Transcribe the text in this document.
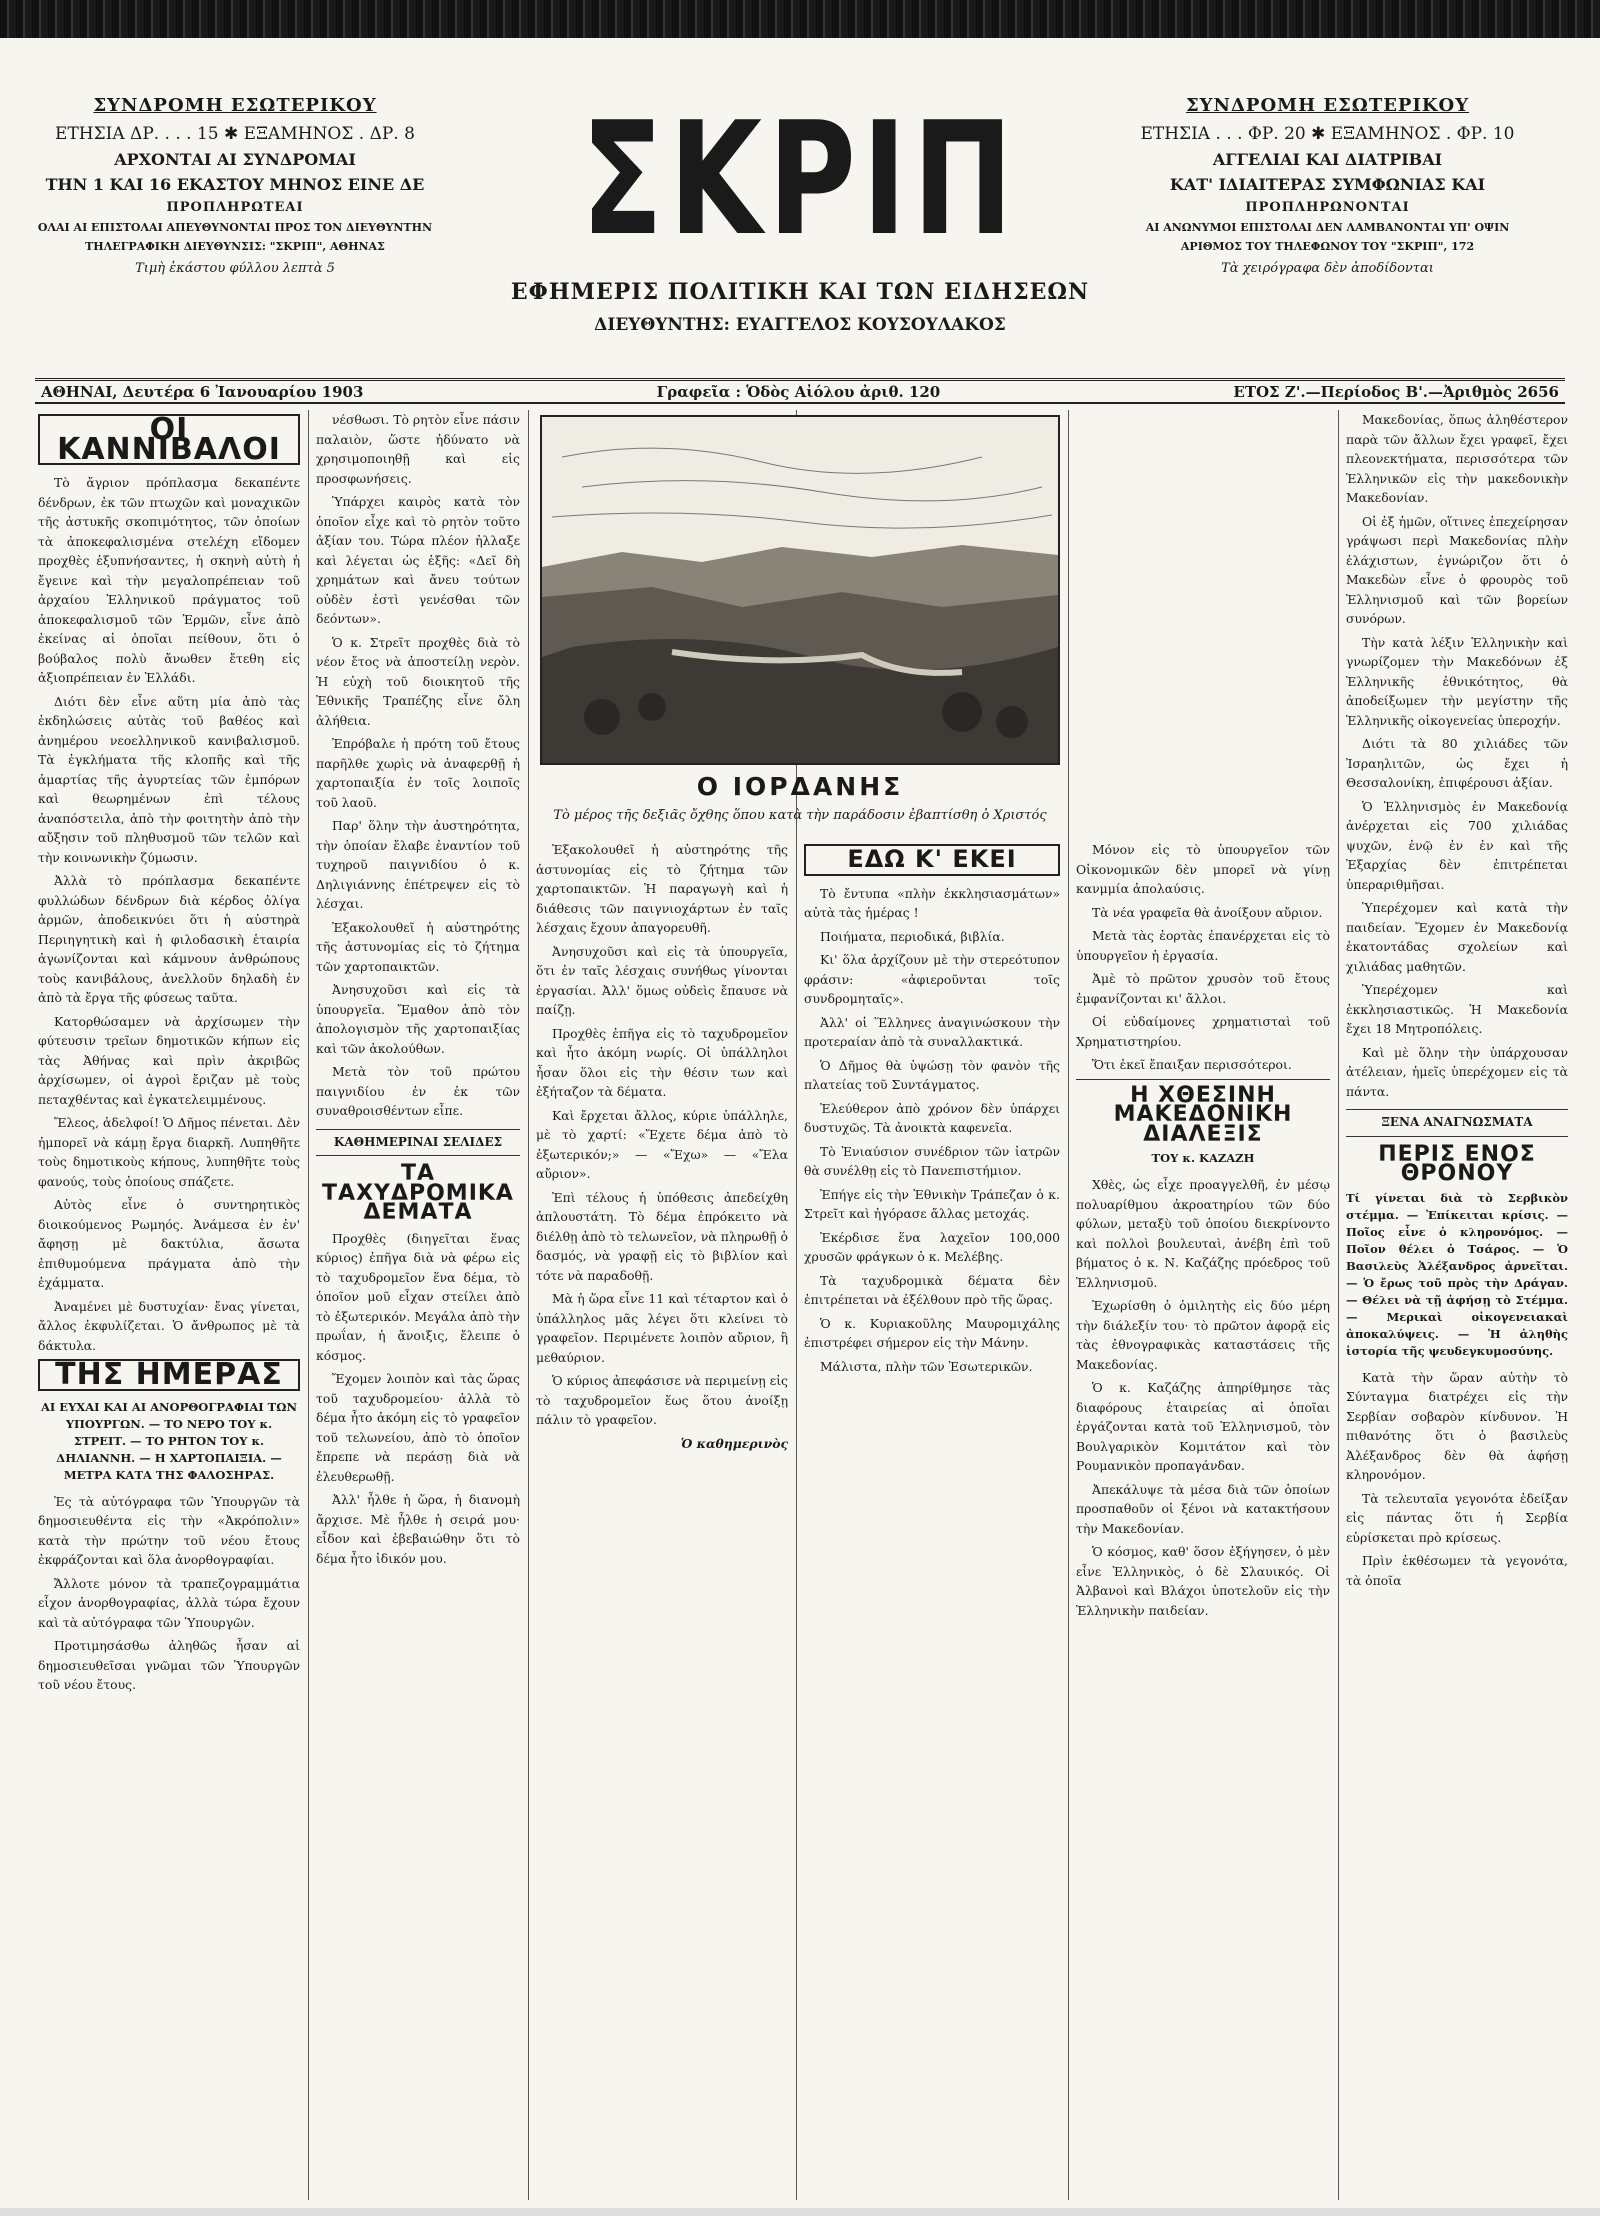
ΣΥΝΔΡΟΜΗ ΕΣΩΤΕΡΙΚΟΥ
ΕΤΗΣΙΑ ΔΡ. . . . 15 ✱ ΕΞΑΜΗΝΟΣ . ΔΡ. 8
ΑΡΧΟΝΤΑΙ ΑΙ ΣΥΝΔΡΟΜΑΙ
ΤΗΝ 1 ΚΑΙ 16 ΕΚΑΣΤΟΥ ΜΗΝΟΣ ΕΙΝΕ ΔΕ
ΠΡΟΠΛΗΡΩΤΕΑΙ
ΟΛΑΙ ΑΙ ΕΠΙΣΤΟΛΑΙ ΑΠΕΥΘΥΝΟΝΤΑΙ ΠΡΟΣ ΤΟΝ ΔΙΕΥΘΥΝΤΗΝ
ΤΗΛΕΓΡΑΦΙΚΗ ΔΙΕΥΘΥΝΣΙΣ: "ΣΚΡΙΠ", ΑΘΗΝΑΣ
Τιμὴ ἑκάστου φύλλου λεπτὰ 5	ΣΚΡΙΠ
ΕΦΗΜΕΡΙΣ ΠΟΛΙΤΙΚΗ ΚΑΙ ΤΩΝ ΕΙΔΗΣΕΩΝ
ΔΙΕΥΘΥΝΤΗΣ: ΕΥΑΓΓΕΛΟΣ ΚΟΥΣΟΥΛΑΚΟΣ
ΣΥΝΔΡΟΜΗ ΕΣΩΤΕΡΙΚΟΥ
ΕΤΗΣΙΑ . . . ΦΡ. 20 ✱ ΕΞΑΜΗΝΟΣ . ΦΡ. 10
ΑΓΓΕΛΙΑΙ ΚΑΙ ΔΙΑΤΡΙΒΑΙ
ΚΑΤ' ΙΔΙΑΙΤΕΡΑΣ ΣΥΜΦΩΝΙΑΣ ΚΑΙ
ΠΡΟΠΛΗΡΩΝΟΝΤΑΙ
ΑΙ ΑΝΩΝΥΜΟΙ ΕΠΙΣΤΟΛΑΙ ΔΕΝ ΛΑΜΒΑΝΟΝΤΑΙ ΥΠ' ΟΨΙΝ
ΑΡΙΘΜΟΣ ΤΟΥ ΤΗΛΕΦΩΝΟΥ ΤΟΥ "ΣΚΡΙΠ", 172
Τὰ χειρόγραφα δὲν ἀποδίδονται
ΑΘΗΝΑΙ, Δευτέρα 6 Ἰανουαρίου 1903	Γραφεῖα : Ὁδὸς Αἰόλου ἀριθ. 120	ΕΤΟΣ Ζ'.—Περίοδος Β'.—Ἀριθμὸς 2656
ΟΙ ΚΑΝΝΙΒΑΛΟΙ

Τὸ ἄγριον πρόπλασμα δεκαπέντε δένδρων, ἐκ τῶν πτωχῶν καὶ μοναχικῶν τῆς ἀστυκῆς σκοπιμότητος, τῶν ὁποίων τὰ ἀποκεφαλισμένα στελέχη εἴδομεν προχθὲς ἐξυπνήσαντες, ἡ σκηνὴ αὐτὴ ἡ ἔγεινε καὶ τὴν μεγαλοπρέπειαν τοῦ ἀρχαίου Ἑλληνικοῦ πράγματος τοῦ ἀποκεφαλισμοῦ τῶν Ἑρμῶν, εἶνε ἀπὸ ἐκείνας αἱ ὁποῖαι πείθουν, ὅτι ὁ βούβαλος πολὺ ἄνωθεν ἔτεθη εἰς ἀξιοπρέπειαν ἐν Ἑλλάδι.

Διότι δὲν εἶνε αὕτη μία ἀπὸ τὰς ἐκδηλώσεις αὐτὰς τοῦ βαθέος καὶ ἀνημέρου νεοελληνικοῦ κανιβαλισμοῦ. Τὰ ἐγκλήματα τῆς κλοπῆς καὶ τῆς ἀμαρτίας τῆς ἀγυρτείας τῶν ἐμπόρων καὶ θεωρημένων ἐπὶ τέλους ἀναπόστειλα, ἀπὸ τὴν φοιτητὴν ἀπὸ τὴν αὔξησιν τοῦ πληθυσμοῦ τῶν τελῶν καὶ τὴν κοινωνικὴν ζύμωσιν.

Ἀλλὰ τὸ πρόπλασμα δεκαπέντε φυλλώδων δένδρων διὰ κέρδος ὀλίγα ἀρμῶν, ἀποδεικνύει ὅτι ἡ αὐστηρὰ Περιηγητικὴ καὶ ἡ φιλοδασικὴ ἑταιρία ἀγωνίζονται καὶ κάμνουν ἀνθρώπους τοὺς κανιβάλους, ἀνελλοῦν δηλαδὴ ἐν ἀπὸ τὰ ἔργα τῆς φύσεως ταῦτα.

Κατορθώσαμεν νὰ ἀρχίσωμεν τὴν φύτευσιν τρεῖων δημοτικῶν κήπων εἰς τὰς Ἀθήνας καὶ πρὶν ἀκριβῶς ἀρχίσωμεν, οἱ ἀγροὶ ἔριζαν μὲ τοὺς πεταχθέντας καὶ ἐγκατελειμμένους.

Ἔλεος, ἀδελφοί! Ὁ Δῆμος πένεται. Δὲν ἠμπορεῖ νὰ κάμῃ ἔργα διαρκῆ. Λυπηθῆτε τοὺς δημοτικοὺς κήπους, λυπηθῆτε τοὺς φανούς, τοὺς ὁποίους σπάζετε.

Αὐτὸς εἶνε ὁ συντηρητικὸς διοικούμενος Ρωμηός. Ἀνάμεσα ἐν ἐν' ἄφησῃ μὲ δακτύλια, ἄσωτα ἐπιθυμούμενα πράγματα ἀπὸ τὴν ἐχάμματα.

Ἀναμένει μὲ δυστυχίαν· ἔνας γίνεται, ἄλλος ἐκφυλίζεται. Ὁ ἄνθρωπος μὲ τὰ δάκτυλα.

ΤΗΣ ΗΜΕΡΑΣ
ΑΙ ΕΥΧΑΙ ΚΑΙ ΑΙ ΑΝΟΡΘΟΓΡΑΦΙΑΙ ΤΩΝ ΥΠΟΥΡΓΩΝ. — ΤΟ ΝΕΡΟ ΤΟΥ κ. ΣΤΡΕΙΤ. — ΤΟ ΡΗΤΟΝ ΤΟΥ κ. ΔΗΛΙΑΝΝΗ. — Η ΧΑΡΤΟΠΑΙΞΙΑ. — ΜΕΤΡΑ ΚΑΤΑ ΤΗΣ ΦΑΛΟΣΗΡΑΣ.

Ἐς τὰ αὐτόγραφα τῶν Ὑπουργῶν τὰ δημοσιευθέντα εἰς τὴν «Ἀκρόπολιν» κατὰ τὴν πρώτην τοῦ νέου ἔτους ἐκφράζονται καὶ ὅλα ἀνορθογραφίαι.

Ἄλλοτε μόνον τὰ τραπεζογραμμάτια εἶχον ἀνορθογραφίας, ἀλλὰ τώρα ἔχουν καὶ τὰ αὐτόγραφα τῶν Ὑπουργῶν.

Προτιμησάσθω ἀληθῶς ἦσαν αἱ δημοσιευθεῖσαι γνῶμαι τῶν Ὑπουργῶν τοῦ νέου ἔτους.

νέσθωσι. Τὸ ρητὸν εἶνε πάσιν παλαιὸν, ὥστε ἠδύνατο νὰ χρησιμοποιηθῇ καὶ εἰς προσφωνήσεις.

Ὑπάρχει καιρὸς κατὰ τὸν ὁποῖον εἶχε καὶ τὸ ρητὸν τοῦτο ἀξίαν του. Τώρα πλέον ἠλλαξε καὶ λέγεται ὡς ἑξῆς: «Δεῖ δὴ χρημάτων καὶ ἄνευ τούτων οὐδὲν ἐστὶ γενέσθαι τῶν δεόντων».

Ὁ κ. Στρεῖτ προχθὲς διὰ τὸ νέον ἔτος νὰ ἀποστείλῃ νερὸν. Ἡ εὐχὴ τοῦ διοικητοῦ τῆς Ἐθνικῆς Τραπέζης εἶνε ὄλη ἀλήθεια.

Ἐπρόβαλε ἡ πρότη τοῦ ἔτους παρῆλθε χωρὶς νὰ ἀναφερθῇ ἡ χαρτοπαιξία ἐν τοῖς λοιποῖς τοῦ λαοῦ.

Παρ' ὅλην τὴν ἀυστηρότητα, τὴν ὁποίαν ἔλαβε ἐναντίον τοῦ τυχηροῦ παιγνιδίου ὁ κ. Δηλιγιάννης ἐπέτρεψεν εἰς τὸ λέσχαι.

Ἐξακολουθεῖ ἡ αὐστηρότης τῆς ἀστυνομίας εἰς τὸ ζήτημα τῶν χαρτοπαικτῶν.

Ἀνησυχοῦσι καὶ εἰς τὰ ὑπουργεῖα. Ἔμαθον ἀπὸ τὸν ἀπολογισμὸν τῆς χαρτοπαιξίας καὶ τῶν ἀκολούθων.

Μετὰ τὸν τοῦ πρώτου παιγνιδίου ἐν ἐκ τῶν συναθροισθέντων εἶπε.

ΚΑΘΗΜΕΡΙΝΑΙ ΣΕΛΙΔΕΣ
ΤΑ ΤΑΧΥΔΡΟΜΙΚΑ ΔΕΜΑΤΑ

Προχθὲς (διηγεῖται ἕνας κύριος) ἐπῆγα διὰ νὰ φέρω εἰς τὸ ταχυδρομεῖον ἕνα δέμα, τὸ ὁποῖον μοῦ εἶχαν στείλει ἀπὸ τὸ ἐξωτερικόν. Μεγάλα ἀπὸ τὴν πρωΐαν, ἡ ἄνοιξις, ἔλειπε ὁ κόσμος.

Ἔχομεν λοιπὸν καὶ τὰς ὥρας τοῦ ταχυδρομείου· ἀλλὰ τὸ δέμα ἦτο ἀκόμη εἰς τὸ γραφεῖον τοῦ τελωνείου, ἀπὸ τὸ ὁποῖον ἔπρεπε νὰ περάσῃ διὰ νὰ ἐλευθερωθῇ.

Ἀλλ' ἦλθε ἡ ὥρα, ἡ διανομὴ ἄρχισε. Μὲ ἦλθε ἡ σειρά μου· εἶδον καὶ ἐβεβαιώθην ὅτι τὸ δέμα ἦτο ἰδικόν μου.

Ο ΙΟΡΔΑΝΗΣ
Τὸ μέρος τῆς δεξιᾶς ὄχθης ὅπου κατὰ τὴν παράδοσιν ἐβαπτίσθη ὁ Χριστός

Ἐξακολουθεῖ ἡ αὐστηρότης τῆς ἀστυνομίας εἰς τὸ ζήτημα τῶν χαρτοπαικτῶν. Ἡ παραγωγὴ καὶ ἡ διάθεσις τῶν παιγνιοχάρτων ἐν ταῖς λέσχαις ἔχουν ἀπαγορευθῆ.

Ἀνησυχοῦσι καὶ εἰς τὰ ὑπουργεῖα, ὅτι ἐν ταῖς λέσχαις συνήθως γίνονται ἐργασίαι. Ἀλλ' ὅμως οὐδεὶς ἔπαυσε νὰ παίζῃ.

Προχθὲς ἐπῆγα εἰς τὸ ταχυδρομεῖον καὶ ἦτο ἀκόμη νωρίς. Οἱ ὑπάλληλοι ἦσαν ὅλοι εἰς τὴν θέσιν των καὶ ἐξήταζον τὰ δέματα.

Καὶ ἔρχεται ἄλλος, κύριε ὑπάλληλε, μὲ τὸ χαρτί: «Ἔχετε δέμα ἀπὸ τὸ ἐξωτερικόν;» — «Ἔχω» — «Ἔλα αὔριον».

Ἐπὶ τέλους ἡ ὑπόθεσις ἀπεδείχθη ἁπλουστάτη. Τὸ δέμα ἐπρόκειτο νὰ διέλθῃ ἀπὸ τὸ τελωνεῖον, νὰ πληρωθῇ ὁ δασμός, νὰ γραφῇ εἰς τὸ βιβλίον καὶ τότε νὰ παραδοθῇ.

Μὰ ἡ ὥρα εἶνε 11 καὶ τέταρτον καὶ ὁ ὑπάλληλος μᾶς λέγει ὅτι κλείνει τὸ γραφεῖον. Περιμένετε λοιπὸν αὔριον, ἢ μεθαύριον.

Ὁ κύριος ἀπεφάσισε νὰ περιμείνῃ εἰς τὸ ταχυδρομεῖον ἕως ὅτου ἀνοίξῃ πάλιν τὸ γραφεῖον.

Ὁ καθημερινὸς
ΕΔΩ Κ' ΕΚΕΙ

Τὸ ἔντυπα «πλὴν ἐκκλησιασμάτων» αὐτὰ τὰς ἡμέρας !

Ποιήματα, περιοδικά, βιβλία.

Κι' ὅλα ἀρχίζουν μὲ τὴν στερεότυπον φράσιν: «ἀφιεροῦνται τοῖς συνδρομηταῖς».

Ἀλλ' οἱ Ἕλληνες ἀναγινώσκουν τὴν προτεραίαν ἀπὸ τὰ συναλλακτικά.

Ὁ Δῆμος θὰ ὑψώσῃ τὸν φανὸν τῆς πλατείας τοῦ Συντάγματος.

Ἐλεύθερον ἀπὸ χρόνον δὲν ὑπάρχει δυστυχῶς. Τὰ ἀνοικτὰ καφενεῖα.

Τὸ Ἐνιαύσιον συνέδριον τῶν ἰατρῶν θὰ συνέλθῃ εἰς τὸ Πανεπιστήμιον.

Ἐπήγε εἰς τὴν Ἐθνικὴν Τράπεζαν ὁ κ. Στρεῖτ καὶ ἠγόρασε ἄλλας μετοχάς.

Ἐκέρδισε ἕνα λαχεῖον 100,000 χρυσῶν φράγκων ὁ κ. Μελέβης.

Τὰ ταχυδρομικὰ δέματα δὲν ἐπιτρέπεται νὰ ἐξέλθουν πρὸ τῆς ὥρας.

Ὁ κ. Κυριακοῦλης Μαυρομιχάλης ἐπιστρέφει σήμερον εἰς τὴν Μάνην.

Μάλιστα, πλὴν τῶν Ἐσωτερικῶν.

Μόνον εἰς τὸ ὑπουργεῖον τῶν Οἰκονομικῶν δὲν μπορεῖ νὰ γίνῃ κανμμία ἀπολαύσις.

Τὰ νέα γραφεῖα θὰ ἀνοίξουν αὔριον.

Μετὰ τὰς ἑορτὰς ἐπανέρχεται εἰς τὸ ὑπουργεῖον ἡ ἐργασία.

Ἀμὲ τὸ πρῶτον χρυσὸν τοῦ ἔτους ἐμφανίζονται κι' ἄλλοι.

Οἱ εὐδαίμονες χρηματισταὶ τοῦ Χρηματιστηρίου.

Ὅτι ἐκεῖ ἔπαιξαν περισσότεροι.

Η ΧΘΕΣΙΝΗ ΜΑΚΕΔΟΝΙΚΗ ΔΙΑΛΕΞΙΣ
ΤΟΥ κ. ΚΑΖΑΖΗ

Χθὲς, ὡς εἶχε προαγγελθῆ, ἐν μέσῳ πολυαρίθμου ἀκροατηρίου τῶν δύο φύλων, μεταξὺ τοῦ ὁποίου διεκρίνοντο καὶ πολλοὶ βουλευταὶ, ἀνέβη ἐπὶ τοῦ βήματος ὁ κ. Ν. Καζάζης πρόεδρος τοῦ Ἑλληνισμοῦ.

Ἐχωρίσθη ὁ ὁμιλητὴς εἰς δύο μέρη τὴν διάλεξίν του· τὸ πρῶτον ἀφορᾷ εἰς τὰς ἐθνογραφικὰς καταστάσεις τῆς Μακεδονίας.

Ὁ κ. Καζάζης ἀπηρίθμησε τὰς διαφόρους ἑταιρείας αἱ ὁποῖαι ἐργάζονται κατὰ τοῦ Ἑλληνισμοῦ, τὸν Βουλγαρικὸν Κομιτάτον καὶ τὸν Ρουμανικὸν προπαγάνδαν.

Ἀπεκάλυψε τὰ μέσα διὰ τῶν ὁποίων προσπαθοῦν οἱ ξένοι νὰ κατακτήσουν τὴν Μακεδονίαν.

Ὁ κόσμος, καθ' ὅσον ἐξήγησεν, ὁ μὲν εἶνε Ἑλληνικὸς, ὁ δὲ Σλαυικός. Οἱ Ἀλβανοὶ καὶ Βλάχοι ὑποτελοῦν εἰς τὴν Ἑλληνικὴν παιδείαν.

Μακεδονίας, ὅπως ἀληθέστερον παρὰ τῶν ἄλλων ἔχει γραφεῖ, ἔχει πλεονεκτήματα, περισσότερα τῶν Ἑλληνικῶν εἰς τὴν μακεδονικὴν Μακεδονίαν.

Οἱ ἐξ ἡμῶν, οἵτινες ἐπεχείρησαν γράψωσι περὶ Μακεδονίας πλὴν ἐλάχιστων, ἐγνώριζον ὅτι ὁ Μακεδὼν εἶνε ὁ φρουρὸς τοῦ Ἑλληνισμοῦ καὶ τῶν βορείων συνόρων.

Τὴν κατὰ λέξιν Ἑλληνικὴν καὶ γνωρίζομεν τὴν Μακεδόνων ἐξ Ἑλληνικῆς ἐθνικότητος, θὰ ἀποδείξωμεν τὴν μεγίστην τῆς Ἑλληνικῆς οἰκογενείας ὑπεροχήν.

Διότι τὰ 80 χιλιάδες τῶν Ἰσραηλιτῶν, ὡς ἔχει ἡ Θεσσαλονίκη, ἐπιφέρουσι ἀξίαν.

Ὁ Ἑλληνισμὸς ἐν Μακεδονίᾳ ἀνέρχεται εἰς 700 χιλιάδας ψυχῶν, ἐνῷ ἐν ἐν καὶ τῆς Ἐξαρχίας δὲν ἐπιτρέπεται ὑπεραριθμῆσαι.

Ὑπερέχομεν καὶ κατὰ τὴν παιδείαν. Ἔχομεν ἐν Μακεδονίᾳ ἑκατοντάδας σχολείων καὶ χιλιάδας μαθητῶν.

Ὑπερέχομεν καὶ ἐκκλησιαστικῶς. Ἡ Μακεδονία ἔχει 18 Μητροπόλεις.

Καὶ μὲ ὅλην τὴν ὑπάρχουσαν ἀτέλειαν, ἡμεῖς ὑπερέχομεν εἰς τὰ πάντα.

ΞΕΝΑ ΑΝΑΓΝΩΣΜΑΤΑ
ΠΕΡΙΣ ΕΝΟΣ ΘΡΟΝΟΥ
Τί γίνεται διὰ τὸ Σερβικὸν στέμμα. — Ἐπίκειται κρίσις. — Ποῖος εἶνε ὁ κληρονόμος. — Ποῖον θέλει ὁ Τσάρος. — Ὁ Βασιλεὺς Ἀλέξανδρος ἀρνεῖται. — Ὁ ἔρως τοῦ πρὸς τὴν Δράγαν. — Θέλει νὰ τῇ ἀφήσῃ τὸ Στέμμα. — Μερικαὶ οἰκογενειακαὶ ἀποκαλύψεις. — Ἡ ἀληθὴς ἱστορία τῆς ψευδεγκυμοσύνης.

Κατὰ τὴν ὥραν αὐτὴν τὸ Σύνταγμα διατρέχει εἰς τὴν Σερβίαν σοβαρὸν κίνδυνον. Ἡ πιθανότης ὅτι ὁ βασιλεὺς Ἀλέξανδρος δὲν θὰ ἀφήσῃ κληρονόμον.

Τὰ τελευταῖα γεγονότα ἐδείξαν εἰς πάντας ὅτι ἡ Σερβία εὑρίσκεται πρὸ κρίσεως.

Πρὶν ἐκθέσωμεν τὰ γεγονότα, τὰ ὁποῖα
